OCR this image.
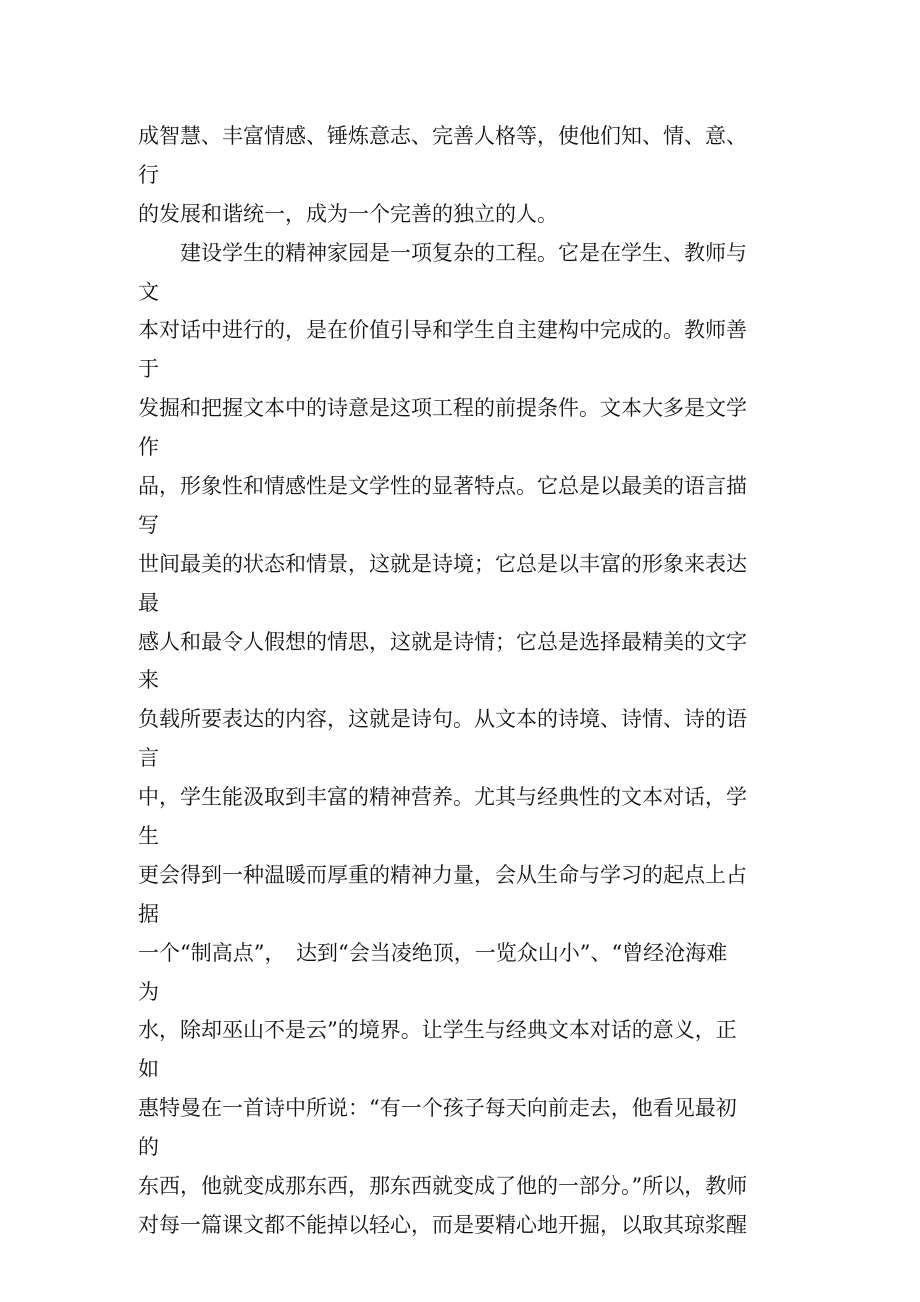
成智慧、丰富情感、锤炼意志、完善人格等，使他们知、情、意、
行
的发展和谐统一，成为一个完善的独立的人。
　　建设学生的精神家园是一项复杂的工程。它是在学生、教师与
文
本对话中进行的，是在价值引导和学生自主建构中完成的。教师善
于
发掘和把握文本中的诗意是这项工程的前提条件。文本大多是文学
作
品，形象性和情感性是文学性的显著特点。它总是以最美的语言描
写
世间最美的状态和情景，这就是诗境；它总是以丰富的形象来表达
最
感人和最令人假想的情思，这就是诗情；它总是选择最精美的文字
来
负载所要表达的内容，这就是诗句。从文本的诗境、诗情、诗的语
言
中，学生能汲取到丰富的精神营养。尤其与经典性的文本对话，学
生
更会得到一种温暖而厚重的精神力量，会从生命与学习的起点上占
据
一个“制高点”，　达到“会当凌绝顶，一览众山小”、“曾经沧海难
为
水，除却巫山不是云”的境界。让学生与经典文本对话的意义，正
如
惠特曼在一首诗中所说：“有一个孩子每天向前走去，他看见最初
的
东西，他就变成那东西，那东西就变成了他的一部分。”所以，教师
对每一篇课文都不能掉以轻心，而是要精心地开掘，以取其琼浆醒
